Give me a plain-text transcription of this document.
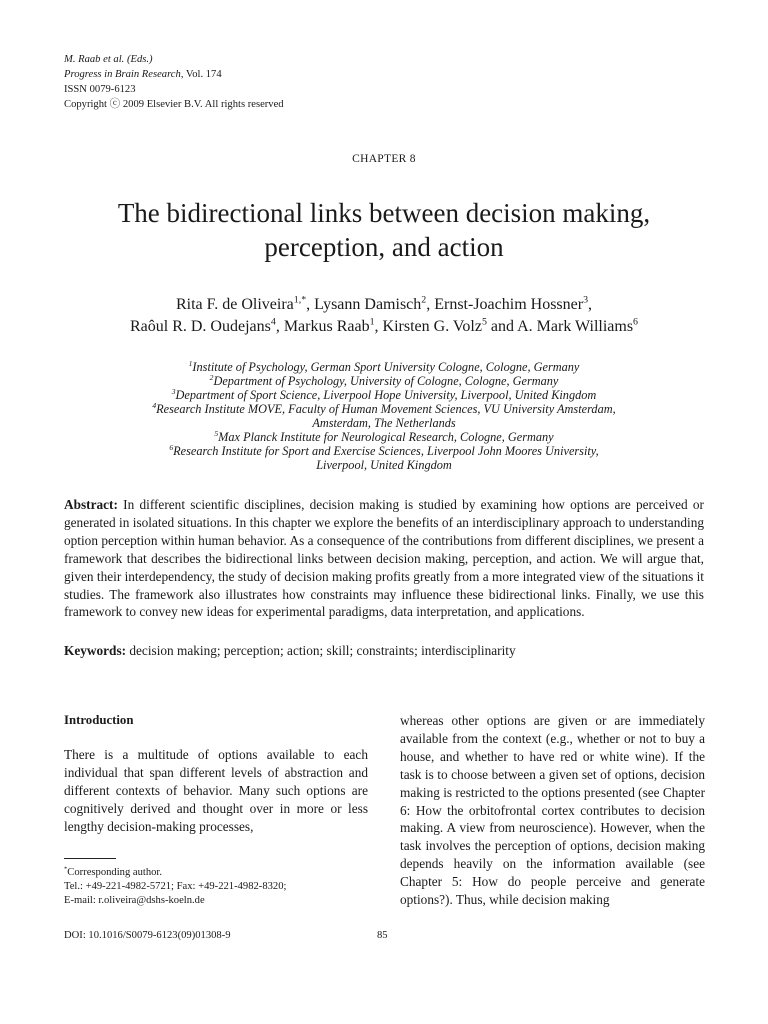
M. Raab et al. (Eds.)
Progress in Brain Research, Vol. 174
ISSN 0079-6123
Copyright ⓒ 2009 Elsevier B.V. All rights reserved
CHAPTER 8
The bidirectional links between decision making,
perception, and action
Rita F. de Oliveira$^{1,*}$, Lysann Damisch$^2$, Ernst-Joachim Hossner$^3$,
Raôul R. D. Oudejans$^4$, Markus Raab$^1$, Kirsten G. Volz$^5$ and A. Mark Williams$^6$
$^1$Institute of Psychology, German Sport University Cologne, Cologne, Germany
$^2$Department of Psychology, University of Cologne, Cologne, Germany
$^3$Department of Sport Science, Liverpool Hope University, Liverpool, United Kingdom
$^4$Research Institute MOVE, Faculty of Human Movement Sciences, VU University Amsterdam,
Amsterdam, The Netherlands
$^5$Max Planck Institute for Neurological Research, Cologne, Germany
$^6$Research Institute for Sport and Exercise Sciences, Liverpool John Moores University,
Liverpool, United Kingdom
Abstract: In different scientific disciplines, decision making is studied by examining how options are perceived or generated in isolated situations. In this chapter we explore the benefits of an interdisciplinary approach to understanding option perception within human behavior. As a consequence of the contributions from different disciplines, we present a framework that describes the bidirectional links between decision making, perception, and action. We will argue that, given their interdependency, the study of decision making profits greatly from a more integrated view of the situations it studies. The framework also illustrates how constraints may influence these bidirectional links. Finally, we use this framework to convey new ideas for experimental paradigms, data interpretation, and applications.
Keywords: decision making; perception; action; skill; constraints; interdisciplinarity
Introduction

There is a multitude of options available to each individual that span different levels of abstraction and different contexts of behavior. Many such options are cognitively derived and thought over in more or less lengthy decision-making processes,

whereas other options are given or are immediately available from the context (e.g., whether or not to buy a house, and whether to have red or white wine). If the task is to choose between a given set of options, decision making is restricted to the options presented (see Chapter 6: How the orbitofrontal cortex contributes to decision making. A view from neuroscience). However, when the task involves the perception of options, decision making depends heavily on the information available (see Chapter 5: How do people perceive and generate options?). Thus, while decision making

*Corresponding author.
Tel.: +49-221-4982-5721; Fax: +49-221-4982-8320;
E-mail: r.oliveira@dshs-koeln.de
DOI: 10.1016/S0079-6123(09)01308-9	85
